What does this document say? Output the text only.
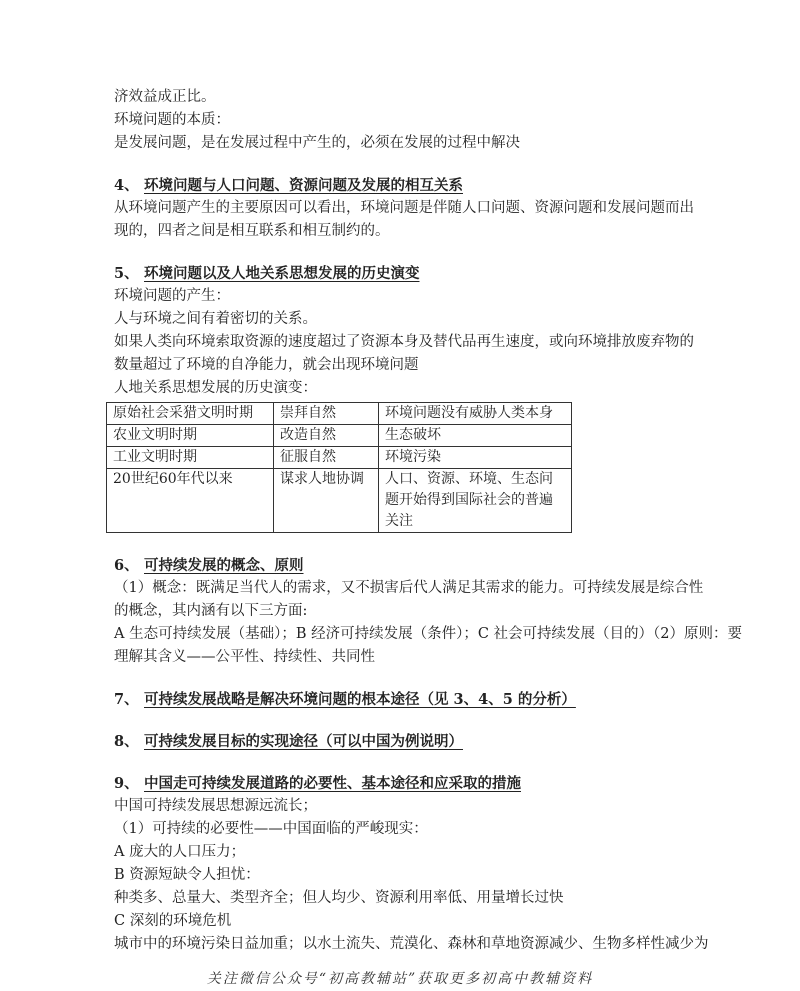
济效益成正比。
环境问题的本质：
是发展问题，是在发展过程中产生的，必须在发展的过程中解决
4、 环境问题与人口问题、资源问题及发展的相互关系
从环境问题产生的主要原因可以看出，环境问题是伴随人口问题、资源问题和发展问题而出
现的，四者之间是相互联系和相互制约的。
5、 环境问题以及人地关系思想发展的历史演变
环境问题的产生：
人与环境之间有着密切的关系。
如果人类向环境索取资源的速度超过了资源本身及替代品再生速度，或向环境排放废弃物的
数量超过了环境的自净能力，就会出现环境问题
人地关系思想发展的历史演变：
原始社会采猎文明时期	崇拜自然	环境问题没有威胁人类本身
农业文明时期	改造自然	生态破坏
工业文明时期	征服自然	环境污染
20世纪60年代以来	谋求人地协调	人口、资源、环境、生态问题开始得到国际社会的普遍关注
6、 可持续发展的概念、原则
（1）概念：既满足当代人的需求，又不损害后代人满足其需求的能力。可持续发展是综合性
的概念，其内涵有以下三方面:
A 生态可持续发展（基础）；B 经济可持续发展（条件）；C 社会可持续发展（目的）（2）原则：要
理解其含义——公平性、持续性、共同性
7、 可持续发展战略是解决环境问题的根本途径（见 3、4、5 的分析）
8、 可持续发展目标的实现途径（可以中国为例说明）
9、 中国走可持续发展道路的必要性、基本途径和应采取的措施
中国可持续发展思想源远流长；
（1）可持续的必要性——中国面临的严峻现实：
A 庞大的人口压力；
B 资源短缺令人担忧：
种类多、总量大、类型齐全；但人均少、资源利用率低、用量增长过快
C 深刻的环境危机
城市中的环境污染日益加重；以水土流失、荒漠化、森林和草地资源减少、生物多样性减少为
关注微信公众号“初高教辅站”获取更多初高中教辅资料
